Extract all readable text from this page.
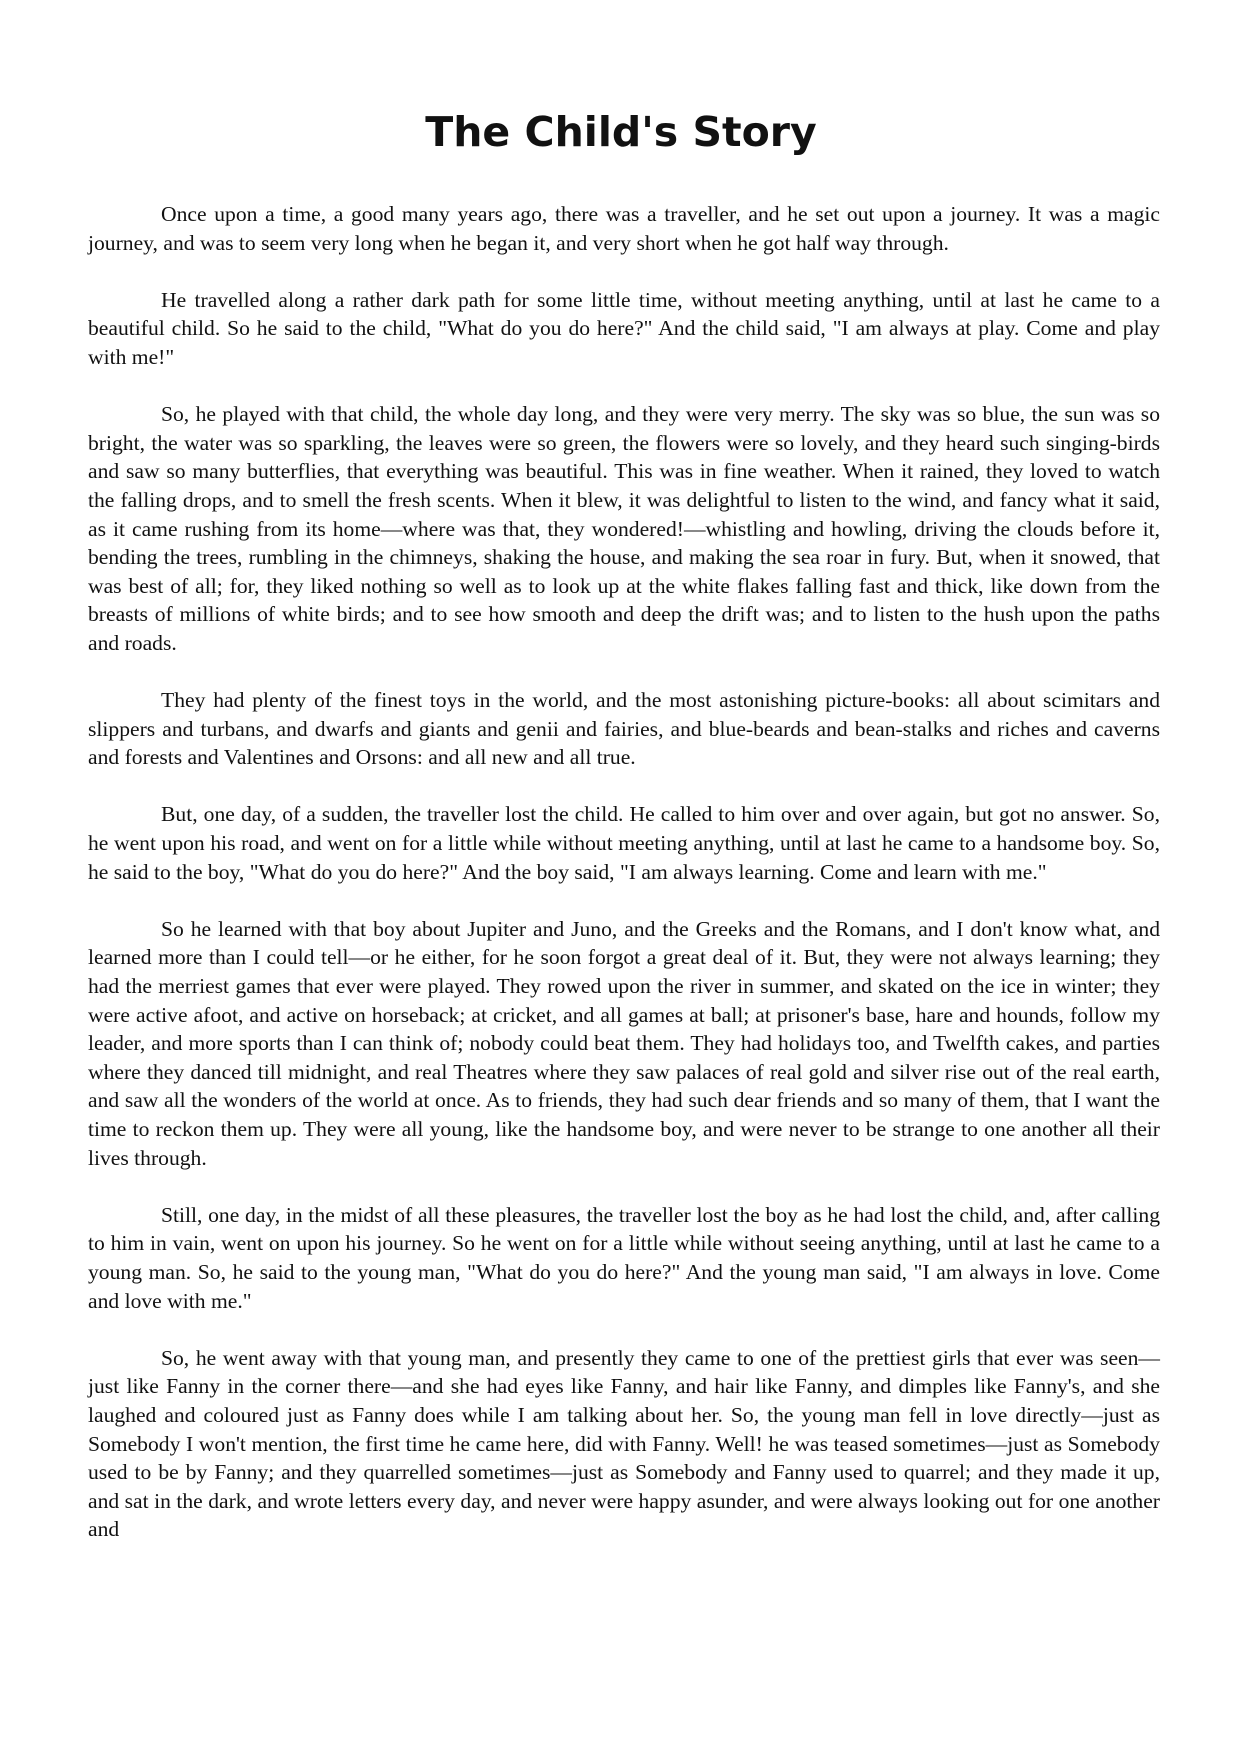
The Child's Story

Once upon a time, a good many years ago, there was a traveller, and he set out upon a journey. It was a magic journey, and was to seem very long when he began it, and very short when he got half way through.

He travelled along a rather dark path for some little time, without meeting anything, until at last he came to a beautiful child. So he said to the child, "What do you do here?" And the child said, "I am always at play. Come and play with me!"

So, he played with that child, the whole day long, and they were very merry. The sky was so blue, the sun was so bright, the water was so sparkling, the leaves were so green, the flowers were so lovely, and they heard such singing-birds and saw so many butterflies, that everything was beautiful. This was in fine weather. When it rained, they loved to watch the falling drops, and to smell the fresh scents. When it blew, it was delightful to listen to the wind, and fancy what it said, as it came rushing from its home—where was that, they wondered!—whistling and howling, driving the clouds before it, bending the trees, rumbling in the chimneys, shaking the house, and making the sea roar in fury. But, when it snowed, that was best of all; for, they liked nothing so well as to look up at the white flakes falling fast and thick, like down from the breasts of millions of white birds; and to see how smooth and deep the drift was; and to listen to the hush upon the paths and roads.

They had plenty of the finest toys in the world, and the most astonishing picture-books: all about scimitars and slippers and turbans, and dwarfs and giants and genii and fairies, and blue-beards and bean-stalks and riches and caverns and forests and Valentines and Orsons: and all new and all true.

But, one day, of a sudden, the traveller lost the child. He called to him over and over again, but got no answer. So, he went upon his road, and went on for a little while without meeting anything, until at last he came to a handsome boy. So, he said to the boy, "What do you do here?" And the boy said, "I am always learning. Come and learn with me."

So he learned with that boy about Jupiter and Juno, and the Greeks and the Romans, and I don't know what, and learned more than I could tell—or he either, for he soon forgot a great deal of it. But, they were not always learning; they had the merriest games that ever were played. They rowed upon the river in summer, and skated on the ice in winter; they were active afoot, and active on horseback; at cricket, and all games at ball; at prisoner's base, hare and hounds, follow my leader, and more sports than I can think of; nobody could beat them. They had holidays too, and Twelfth cakes, and parties where they danced till midnight, and real Theatres where they saw palaces of real gold and silver rise out of the real earth, and saw all the wonders of the world at once. As to friends, they had such dear friends and so many of them, that I want the time to reckon them up. They were all young, like the handsome boy, and were never to be strange to one another all their lives through.

Still, one day, in the midst of all these pleasures, the traveller lost the boy as he had lost the child, and, after calling to him in vain, went on upon his journey. So he went on for a little while without seeing anything, until at last he came to a young man. So, he said to the young man, "What do you do here?" And the young man said, "I am always in love. Come and love with me."

So, he went away with that young man, and presently they came to one of the prettiest girls that ever was seen—just like Fanny in the corner there—and she had eyes like Fanny, and hair like Fanny, and dimples like Fanny's, and she laughed and coloured just as Fanny does while I am talking about her. So, the young man fell in love directly—just as Somebody I won't mention, the first time he came here, did with Fanny. Well! he was teased sometimes—just as Somebody used to be by Fanny; and they quarrelled sometimes—just as Somebody and Fanny used to quarrel; and they made it up, and sat in the dark, and wrote letters every day, and never were happy asunder, and were always looking out for one another and
